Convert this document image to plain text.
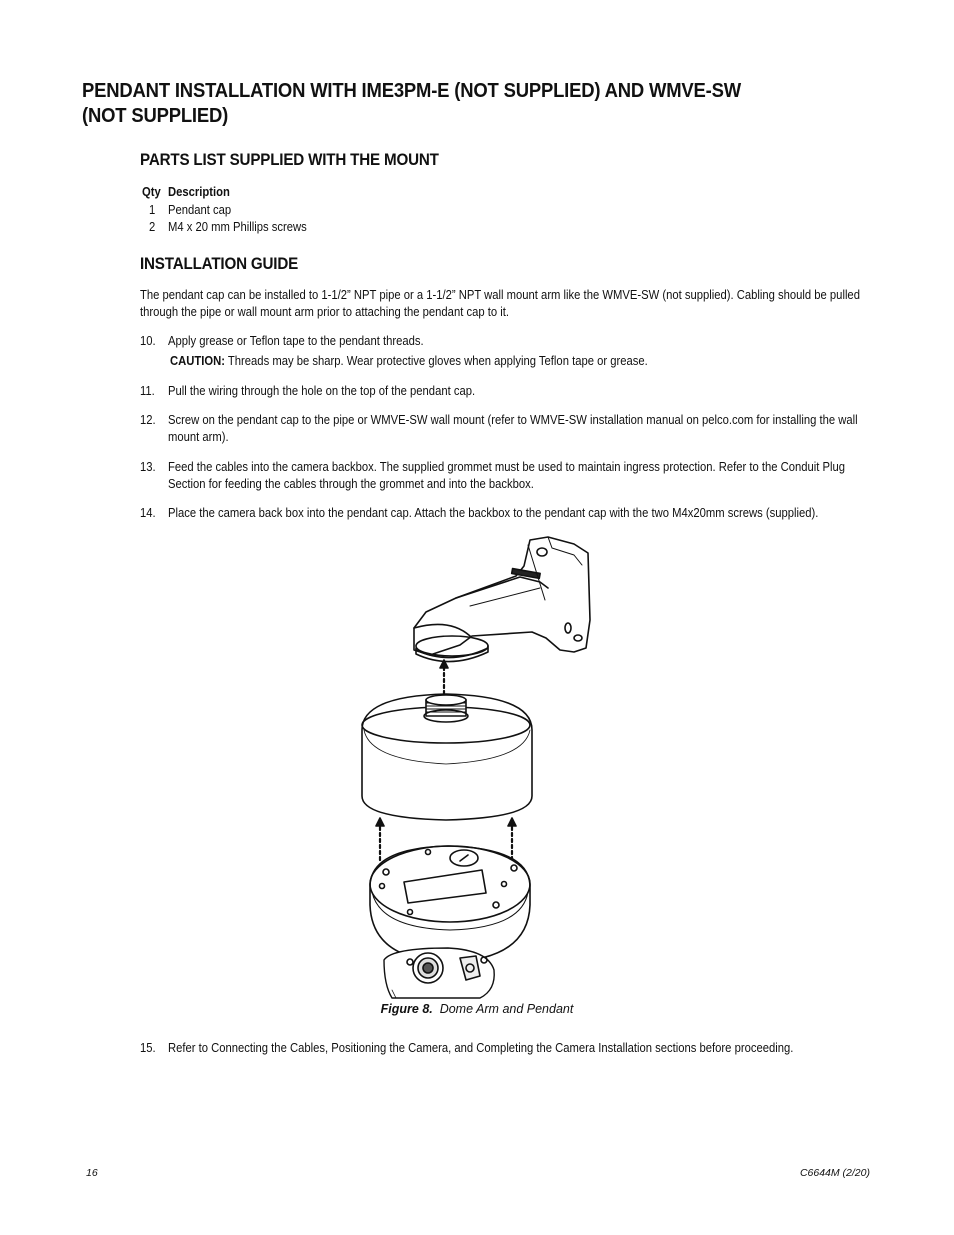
PENDANT INSTALLATION WITH IME3PM-E (NOT SUPPLIED) AND WMVE-SW (NOT SUPPLIED)
PARTS LIST SUPPLIED WITH THE MOUNT
Qty Description
1 Pendant cap
2 M4 x 20 mm Phillips screws
INSTALLATION GUIDE
The pendant cap can be installed to 1-1/2” NPT pipe or a 1-1/2” NPT wall mount arm like the WMVE-SW (not supplied). Cabling should be pulled through the pipe or wall mount arm prior to attaching the pendant cap to it.
10. Apply grease or Teflon tape to the pendant threads.
CAUTION: Threads may be sharp. Wear protective gloves when applying Teflon tape or grease.
11. Pull the wiring through the hole on the top of the pendant cap.
12. Screw on the pendant cap to the pipe or WMVE-SW wall mount (refer to WMVE-SW installation manual on pelco.com for installing the wall mount arm).
13. Feed the cables into the camera backbox. The supplied grommet must be used to maintain ingress protection. Refer to the Conduit Plug Section for feeding the cables through the grommet and into the backbox.
14. Place the camera back box into the pendant cap. Attach the backbox to the pendant cap with the two M4x20mm screws (supplied).
Figure 8. Dome Arm and Pendant
15. Refer to Connecting the Cables, Positioning the Camera, and Completing the Camera Installation sections before proceeding.
16	C6644M (2/20)
